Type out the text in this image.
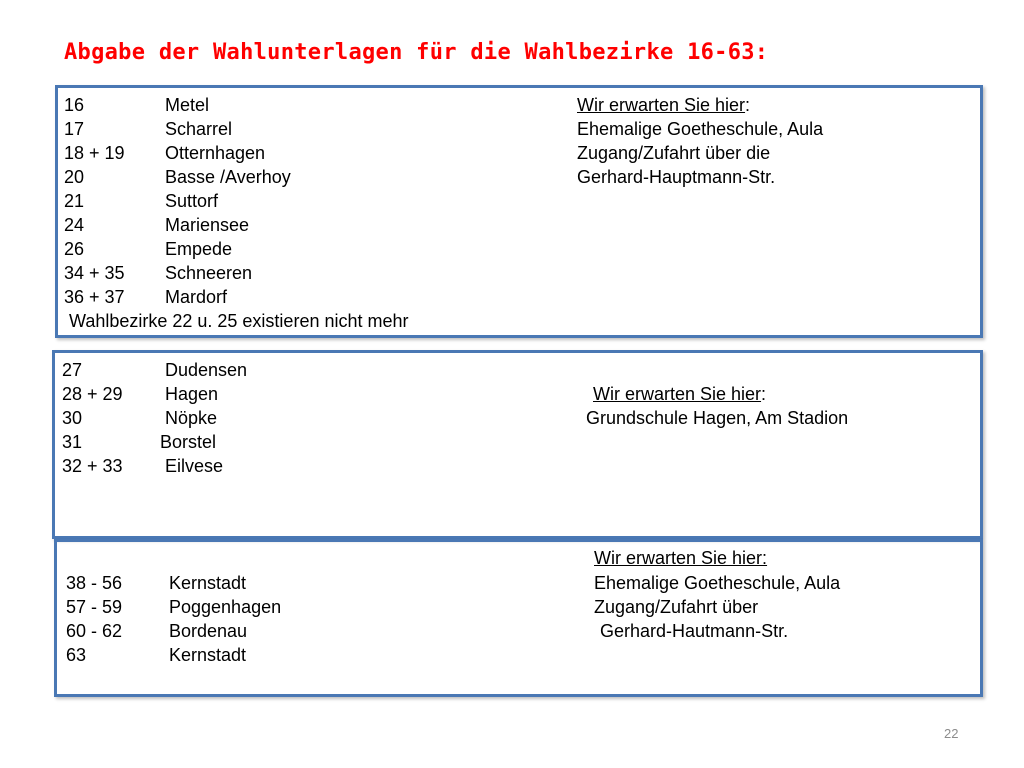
Abgabe der Wahlunterlagen für die Wahlbezirke 16-63:
16	Metel
17	Scharrel
18 + 19 Otternhagen
20	Basse /Averhoy
21	Suttorf
24	Mariensee
26	Empede
34 + 35 Schneeren
36 + 37 Mardorf
Wahlbezirke 22 u. 25 existieren nicht mehr
Wir erwarten Sie hier:
Ehemalige Goetheschule, Aula
Zugang/Zufahrt über die
Gerhard-Hauptmann-Str.
27	Dudensen
28 + 29 Hagen
30	Nöpke
31	Borstel
32 + 33 Eilvese
Wir erwarten Sie hier:
Grundschule Hagen, Am Stadion
Wir erwarten Sie hier:
38 - 56	Kernstadt
57 - 59	Poggenhagen
60 - 62	Bordenau
63	Kernstadt
Ehemalige Goetheschule, Aula
Zugang/Zufahrt über
Gerhard-Hautmann-Str.
22
